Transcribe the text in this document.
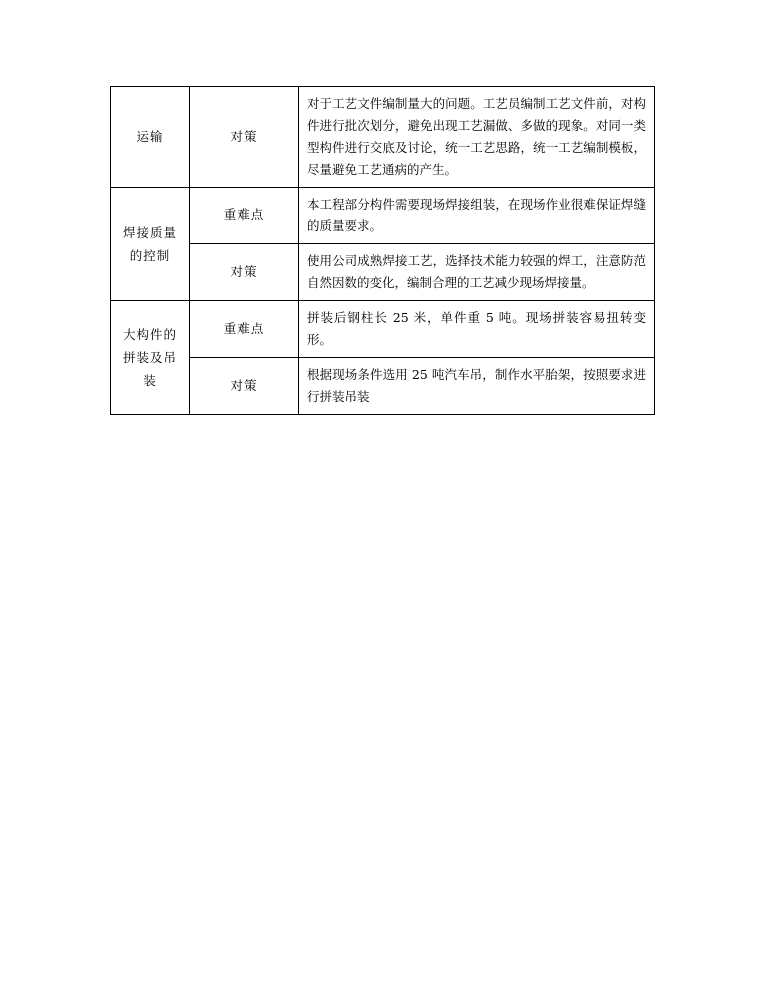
运输	对策	对于工艺文件编制量大的问题。工艺员编制工艺文件前，对构件进行批次划分，避免出现工艺漏做、多做的现象。对同一类型构件进行交底及讨论，统一工艺思路，统一工艺编制模板，尽量避免工艺通病的产生。

焊接质量的控制	重难点	本工程部分构件需要现场焊接组装，在现场作业很难保证焊缝的质量要求。

	对策	使用公司成熟焊接工艺，选择技术能力较强的焊工，注意防范自然因数的变化，编制合理的工艺减少现场焊接量。

大构件的拼装及吊装	重难点	拼装后钢柱长 25 米，单件重 5 吨。现场拼装容易扭转变形。

	对策	根据现场条件选用 25 吨汽车吊，制作水平胎架，按照要求进行拼装吊装
